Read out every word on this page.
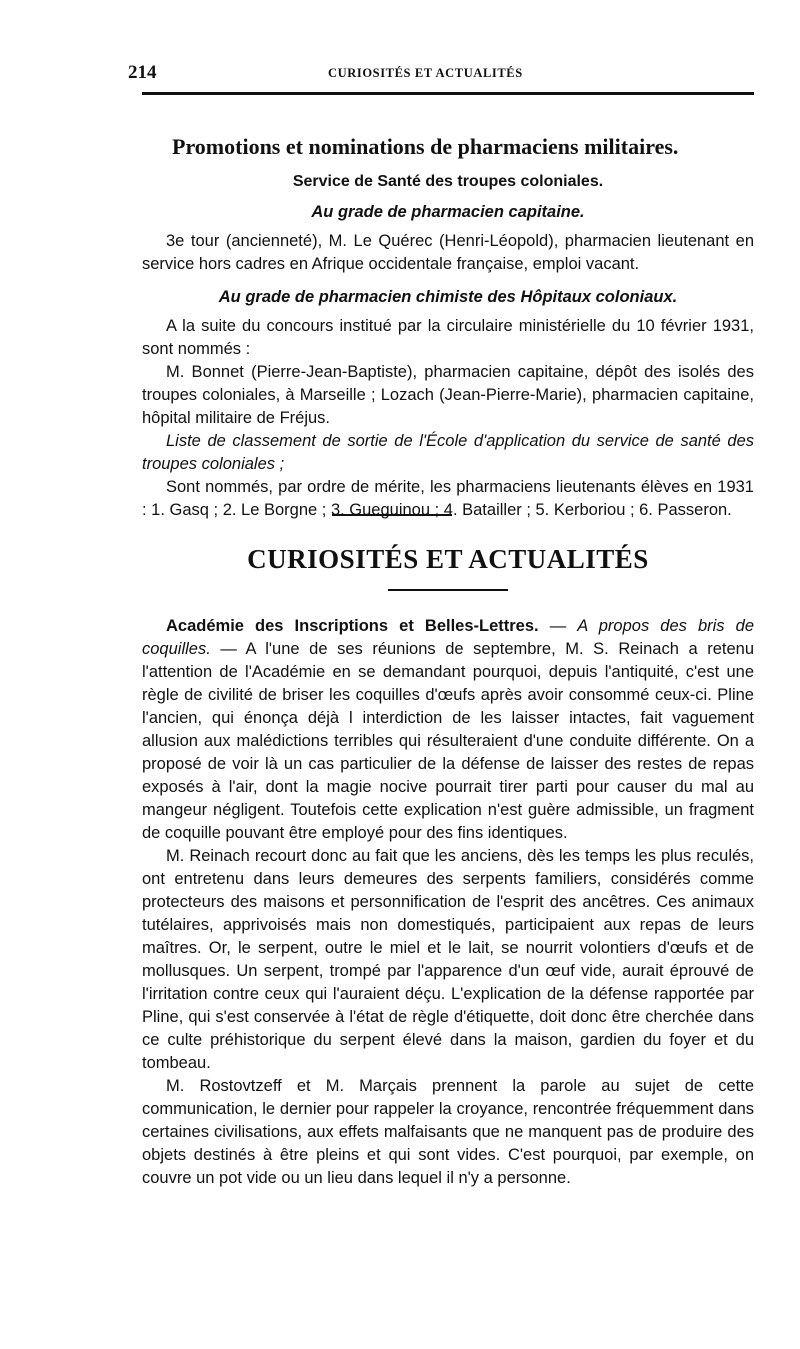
214	CURIOSITÉS ET ACTUALITÉS
Promotions et nominations de pharmaciens militaires.
Service de Santé des troupes coloniales.
Au grade de pharmacien capitaine.

3e tour (ancienneté), M. Le Quérec (Henri-Léopold), pharmacien lieutenant en service hors cadres en Afrique occidentale française, emploi vacant.

Au grade de pharmacien chimiste des Hôpitaux coloniaux.

A la suite du concours institué par la circulaire ministérielle du 10 février 1931, sont nommés :

M. Bonnet (Pierre-Jean-Baptiste), pharmacien capitaine, dépôt des isolés des troupes coloniales, à Marseille ; Lozach (Jean-Pierre-Marie), pharmacien capitaine, hôpital militaire de Fréjus.

Liste de classement de sortie de l'École d'application du service de santé des troupes coloniales ;

Sont nommés, par ordre de mérite, les pharmaciens lieutenants élèves en 1931 : 1. Gasq ; 2. Le Borgne ; 3. Gueguinou ; 4. Batailler ; 5. Kerboriou ; 6. Passeron.

CURIOSITÉS ET ACTUALITÉS

Académie des Inscriptions et Belles-Lettres. — A propos des bris de coquilles. — A l'une de ses réunions de septembre, M. S. Reinach a retenu l'attention de l'Académie en se demandant pourquoi, depuis l'antiquité, c'est une règle de civilité de briser les coquilles d'œufs après avoir consommé ceux-ci. Pline l'ancien, qui énonça déjà l interdiction de les laisser intactes, fait vaguement allusion aux malédictions terribles qui résulteraient d'une conduite différente. On a proposé de voir là un cas particulier de la défense de laisser des restes de repas exposés à l'air, dont la magie nocive pourrait tirer parti pour causer du mal au mangeur négligent. Toutefois cette explication n'est guère admissible, un fragment de coquille pouvant être employé pour des fins identiques.

M. Reinach recourt donc au fait que les anciens, dès les temps les plus reculés, ont entretenu dans leurs demeures des serpents familiers, considérés comme protecteurs des maisons et personnification de l'esprit des ancêtres. Ces animaux tutélaires, apprivoisés mais non domestiqués, participaient aux repas de leurs maîtres. Or, le serpent, outre le miel et le lait, se nourrit volontiers d'œufs et de mollusques. Un serpent, trompé par l'apparence d'un œuf vide, aurait éprouvé de l'irritation contre ceux qui l'auraient déçu. L'explication de la défense rapportée par Pline, qui s'est conservée à l'état de règle d'étiquette, doit donc être cherchée dans ce culte préhistorique du serpent élevé dans la maison, gardien du foyer et du tombeau.

M. Rostovtzeff et M. Marçais prennent la parole au sujet de cette communication, le dernier pour rappeler la croyance, rencontrée fréquemment dans certaines civilisations, aux effets malfaisants que ne manquent pas de produire des objets destinés à être pleins et qui sont vides. C'est pourquoi, par exemple, on couvre un pot vide ou un lieu dans lequel il n'y a personne.
